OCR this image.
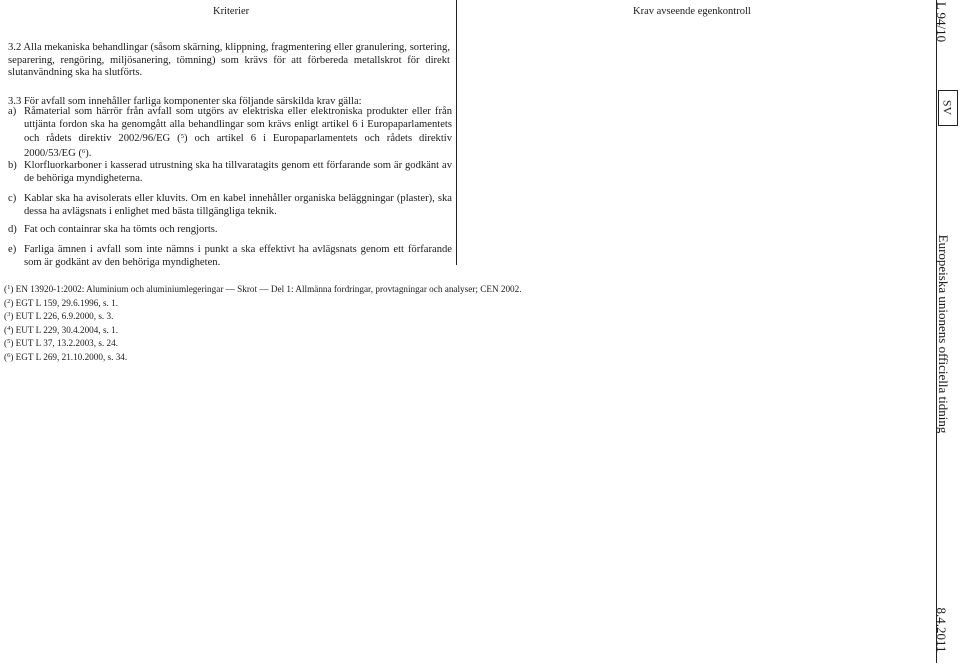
Kriterier	Krav avseende egenkontroll
3.2 Alla mekaniska behandlingar (såsom skärning, klippning, fragmentering eller granulering, sortering, separering, rengöring, miljösanering, tömning) som krävs för att förbereda metallskrot för direkt slutanvändning ska ha slutförts.
3.3 För avfall som innehåller farliga komponenter ska följande särskilda krav gälla:
a) Råmaterial som härrör från avfall som utgörs av elektriska eller elektroniska produkter eller från uttjänta fordon ska ha genomgått alla behandlingar som krävs enligt artikel 6 i Europaparlamentets och rådets direktiv 2002/96/EG ($^5$) och artikel 6 i Europaparlamentets och rådets direktiv 2000/53/EG ($^6$).
b) Klorfluorkarboner i kasserad utrustning ska ha tillvaratagits genom ett förfarande som är godkänt av de behöriga myndigheterna.
c) Kablar ska ha avisolerats eller kluvits. Om en kabel innehåller organiska beläggningar (plaster), ska dessa ha avlägsnats i enlighet med bästa tillgängliga teknik.
d) Fat och containrar ska ha tömts och rengjorts.
e) Farliga ämnen i avfall som inte nämns i punkt a ska effektivt ha avlägsnats genom ett förfarande som är godkänt av den behöriga myndigheten.
($^1$) EN 13920-1:2002: Aluminium och aluminiumlegeringar — Skrot — Del 1: Allmänna fordringar, provtagningar och analyser; CEN 2002.
($^2$) EGT L 159, 29.6.1996, s. 1.
($^3$) EUT L 226, 6.9.2000, s. 3.
($^4$) EUT L 229, 30.4.2004, s. 1.
($^5$) EUT L 37, 13.2.2003, s. 24.
($^6$) EGT L 269, 21.10.2000, s. 34.
L 94/10
SV
Europeiska unionens officiella tidning
8.4.2011
